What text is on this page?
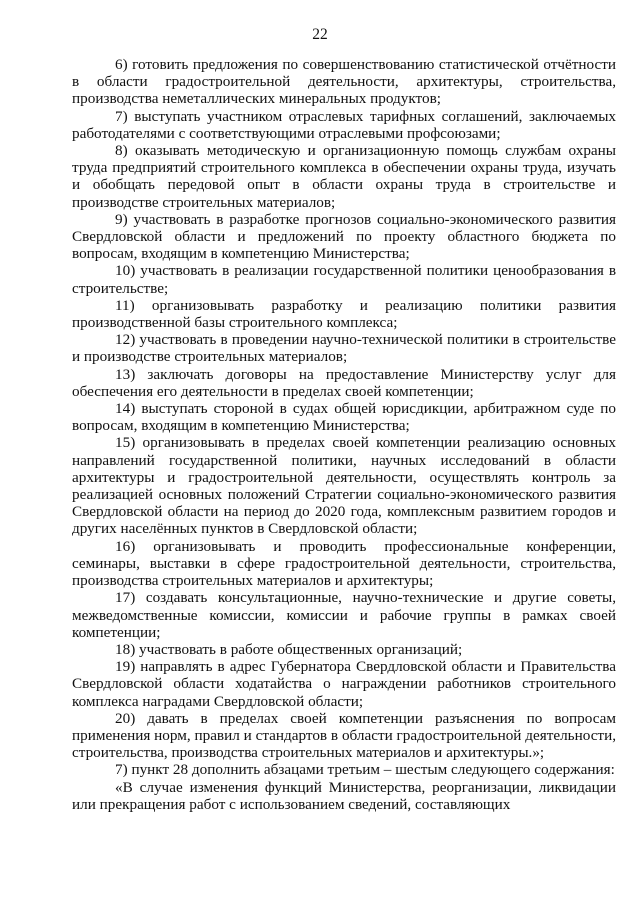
22

6) готовить предложения по совершенствованию статистической отчётности в области градостроительной деятельности, архитектуры, строительства, производства неметаллических минеральных продуктов;

7) выступать участником отраслевых тарифных соглашений, заключаемых работодателями с соответствующими отраслевыми профсоюзами;

8) оказывать методическую и организационную помощь службам охраны труда предприятий строительного комплекса в обеспечении охраны труда, изучать и обобщать передовой опыт в области охраны труда в строительстве и производстве строительных материалов;

9) участвовать в разработке прогнозов социально-экономического развития Свердловской области и предложений по проекту областного бюджета по вопросам, входящим в компетенцию Министерства;

10) участвовать в реализации государственной политики ценообразования в строительстве;

11) организовывать разработку и реализацию политики развития производственной базы строительного комплекса;

12) участвовать в проведении научно-технической политики в строительстве и производстве строительных материалов;

13) заключать договоры на предоставление Министерству услуг для обеспечения его деятельности в пределах своей компетенции;

14) выступать стороной в судах общей юрисдикции, арбитражном суде по вопросам, входящим в компетенцию Министерства;

15) организовывать в пределах своей компетенции реализацию основных направлений государственной политики, научных исследований в области архитектуры и градостроительной деятельности, осуществлять контроль за реализацией основных положений Стратегии социально-экономического развития Свердловской области на период до 2020 года, комплексным развитием городов и других населённых пунктов в Свердловской области;

16) организовывать и проводить профессиональные конференции, семинары, выставки в сфере градостроительной деятельности, строительства, производства строительных материалов и архитектуры;

17) создавать консультационные, научно-технические и другие советы, межведомственные комиссии, комиссии и рабочие группы в рамках своей компетенции;

18) участвовать в работе общественных организаций;

19) направлять в адрес Губернатора Свердловской области и Правительства Свердловской области ходатайства о награждении работников строительного комплекса наградами Свердловской области;

20) давать в пределах своей компетенции разъяснения по вопросам применения норм, правил и стандартов в области градостроительной деятельности, строительства, производства строительных материалов и архитектуры.»;

7) пункт 28 дополнить абзацами третьим – шестым следующего содержания:

«В случае изменения функций Министерства, реорганизации, ликвидации или прекращения работ с использованием сведений, составляющих
